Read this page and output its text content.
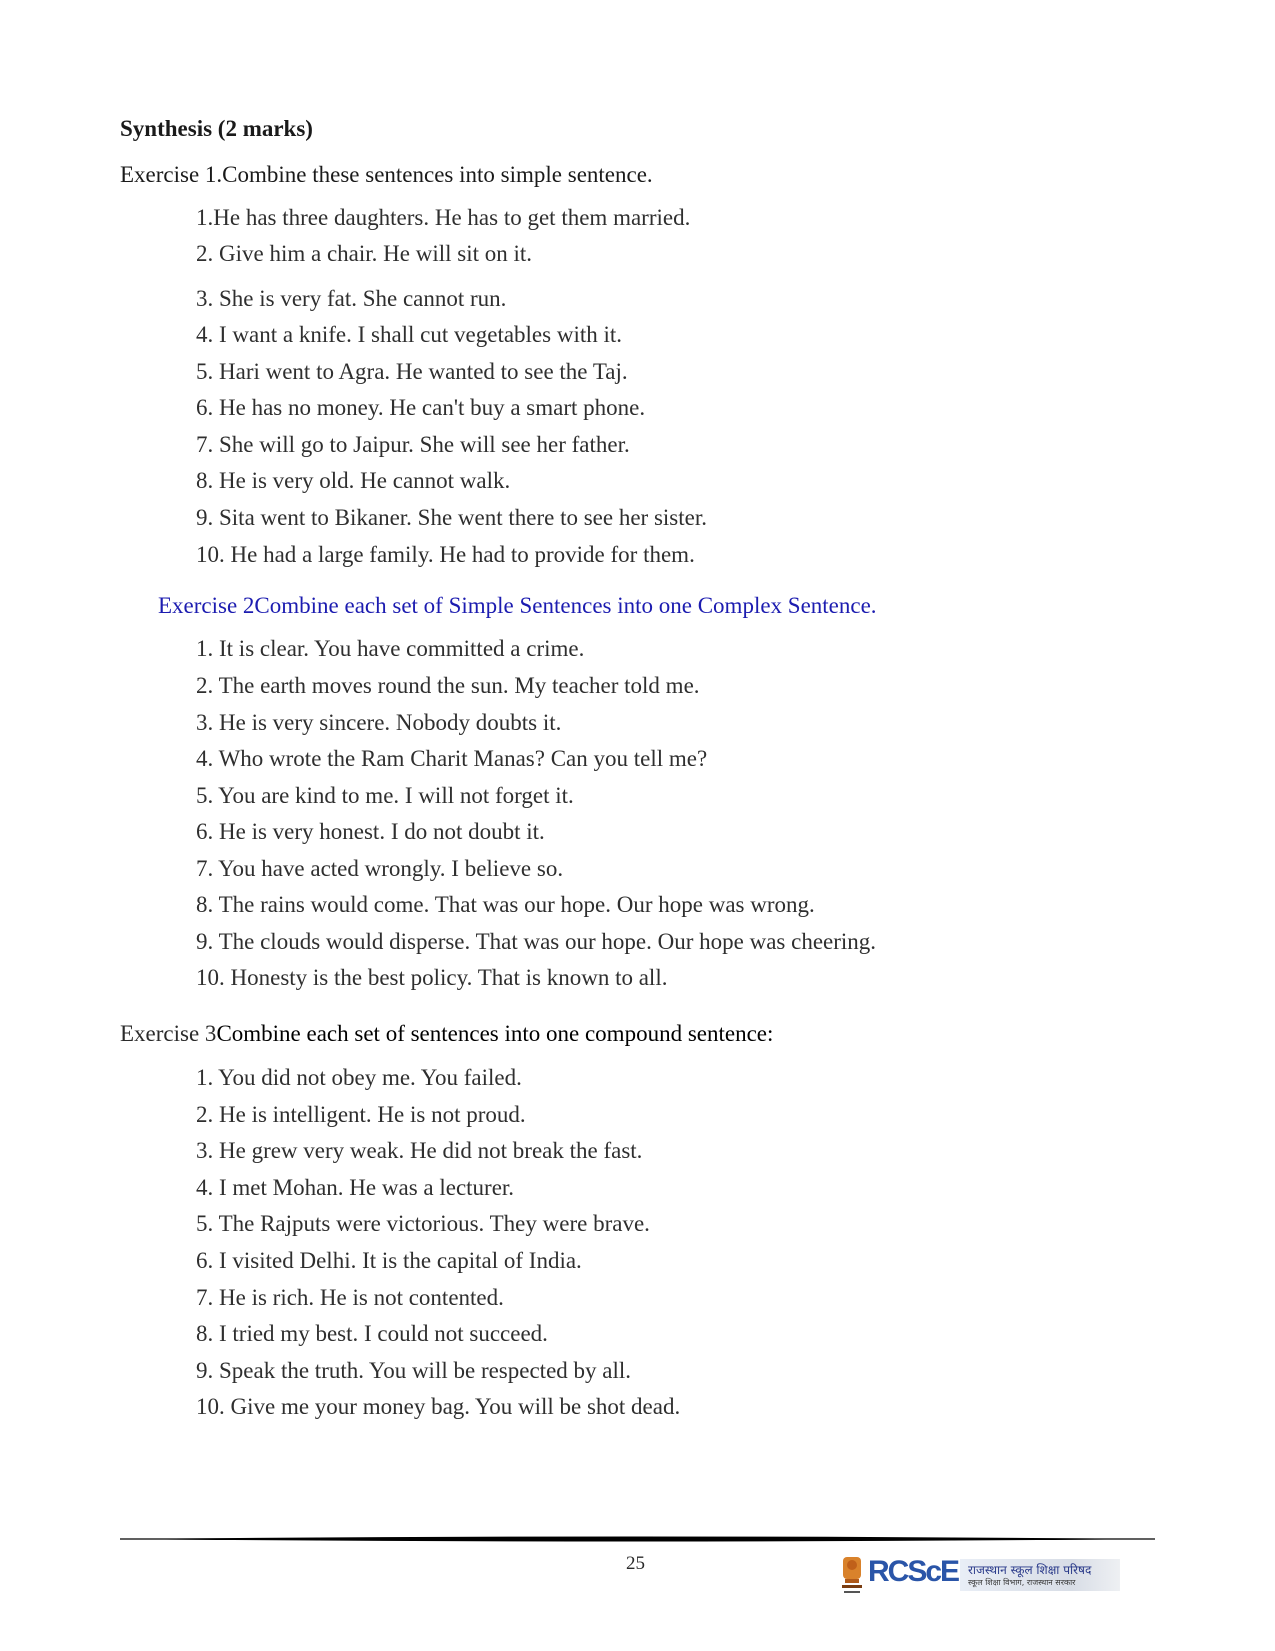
Synthesis (2 marks)
Exercise 1.Combine these sentences into simple sentence.
1.He has three daughters. He has to get them married.
2. Give him a chair. He will sit on it.
3. She is very fat. She cannot run.
4. I want a knife. I shall cut vegetables with it.
5. Hari went to Agra. He wanted to see the Taj.
6. He has no money. He can't buy a smart phone.
7. She will go to Jaipur. She will see her father.
8. He is very old. He cannot walk.
9. Sita went to Bikaner. She went there to see her sister.
10. He had a large family. He had to provide for them.
Exercise 2Combine each set of Simple Sentences into one Complex Sentence.
1. It is clear. You have committed a crime.
2. The earth moves round the sun. My teacher told me.
3. He is very sincere. Nobody doubts it.
4. Who wrote the Ram Charit Manas? Can you tell me?
5. You are kind to me. I will not forget it.
6. He is very honest. I do not doubt it.
7. You have acted wrongly. I believe so.
8. The rains would come. That was our hope. Our hope was wrong.
9. The clouds would disperse. That was our hope. Our hope was cheering.
10. Honesty is the best policy. That is known to all.
Exercise 3Combine each set of sentences into one compound sentence:
1. You did not obey me. You failed.
2. He is intelligent. He is not proud.
3. He grew very weak. He did not break the fast.
4. I met Mohan. He was a lecturer.
5. The Rajputs were victorious. They were brave.
6. I visited Delhi. It is the capital of India.
7. He is rich. He is not contented.
8. I tried my best. I could not succeed.
9. Speak the truth. You will be respected by all.
10. Give me your money bag. You will be shot dead.
25	RCScE राजस्थान स्कूल शिक्षा परिषद
स्कूल शिक्षा विभाग, राजस्थान सरकार
